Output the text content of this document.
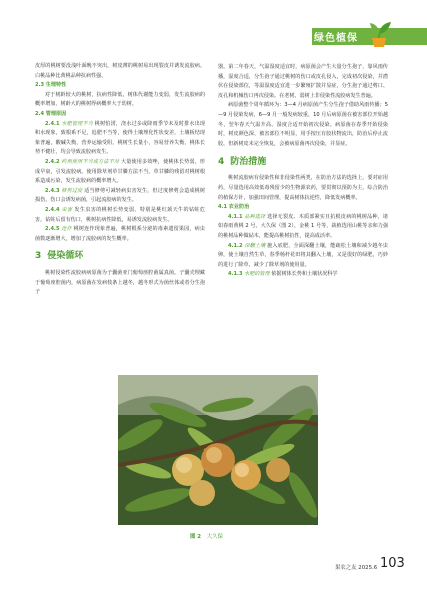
绿色植保

皮厚的桃树要没浅叶面晚不突出，树皮薄的桃树易出现裂皮并诱发流胶病。白桃品种比黄桃品种抗病性强。

2.3 生理特性

对于树龄较大的桃树，抗病性降低，树体代谢能力变弱，发生流胶病的概率增加，树龄大的桃树得病概率大于幼树。

2.4 管理原因

2.4.1 水肥管理不当 桃树怕涝，浇水过多或降雨季节未及时排水出现积水现象，致根系不足，追肥不当等，使得土壤理化性状变差，土壤板结现象普遍，酸碱失衡，营养运输受阻，桃树生长量小，容易营养失衡，桃体长势不健壮，均会导致流胶病发生。

2.4.2 药剂使用不当或方法不对 大量使用多效唑，使桃体长势弱，形成早衰，引发流胶病。使用除草剂草甘膦方法不当，草甘膦的残留对桃树根系造成污染，发生流胶病的概率增大。

2.4.3 修剪过度 适当修剪可减轻病虫害发生，但过度修剪会造成桃树损伤，伤口会诱发病菌，引起流胶病的发生。

2.4.4 虫害 发生虫害的桃树长势变弱，特别是桃红颈天牛的钻蛀危害，钻蛀后留有伤口，桃树抗病性降低，易诱发流胶病发生。

2.4.5 连作 桃树连作现象普遍，桃树根系分泌的毒素遗留果园，病虫菌数逐渐增大，增加了流胶病的发生概率。

3 侵染循环

桃树侵染性流胶病病原菌为子囊菌亚门葡萄座腔菌属真菌。子囊壳埋藏于葡萄座腔菌内，病原菌在发病枝条上越冬，越冬形式为菌丝体或者分生孢子

器。第二年春天，气温湿度适宜时，病原菌会产生大量分生孢子，靠风雨传播，湿度合适，分生孢子通过桃树的伤口或皮孔侵入，完成初次侵染，并潜伏在侵染部位，等温湿度适宜进一步繁殖扩散并显症，分生孢子通过剪口、皮孔和机械伤口再次侵染。在老树、弱树上非侵染性流胶病发生普遍。

病原菌整个周年循环为：3—4 月病原菌产生分生孢子借助风雨传播；5—9 月侵染发病，6—9 月一般发病较重，10 月后病原菌在被害部位开始越冬，翌年春天气温升高、湿度合适开始初次侵染。病原菌在春季开始侵染时，树皮颜色深，被害部位不明显，用手按压有胶状物流出，防治后停止流胶，但新树皮未完全恢复，会被病原菌再次侵染，并显症。

4 防治措施

桃树流胶病有侵染性和非侵染性两类，在防治方法的选择上，要对症用药，尽量选用高效低毒残留少的生物源农药，要贯彻以预防为主，综合防治的植保方针，加强田间管理，提高树体抗逆性，降低发病概率。

4.1 农业防治

4.1.1 品种选择 选择无裂皮、木质部紧实且抗根皮病的桃树品种，诸如春雨黄桃 2 号、大久保（图 2）、金桃 1 号等，栽植选用山桃等亲和力强的桃树品种做砧木，能提高桃树抗性，提高成活率。

4.1.2 深翻土壤 施入底肥，全面深翻土壤，能疏松土壤和减少越冬虫卵，使土壤自然生草，春季杨杆花田将其翻入土壤，又是很好的绿肥，巧妙的进行了除草，减少了除草剂的使用量。

4.1.3 水肥的管理 依据树体长势和土壤状况科学

图 2 大久保
果农之友 2025.6 103
